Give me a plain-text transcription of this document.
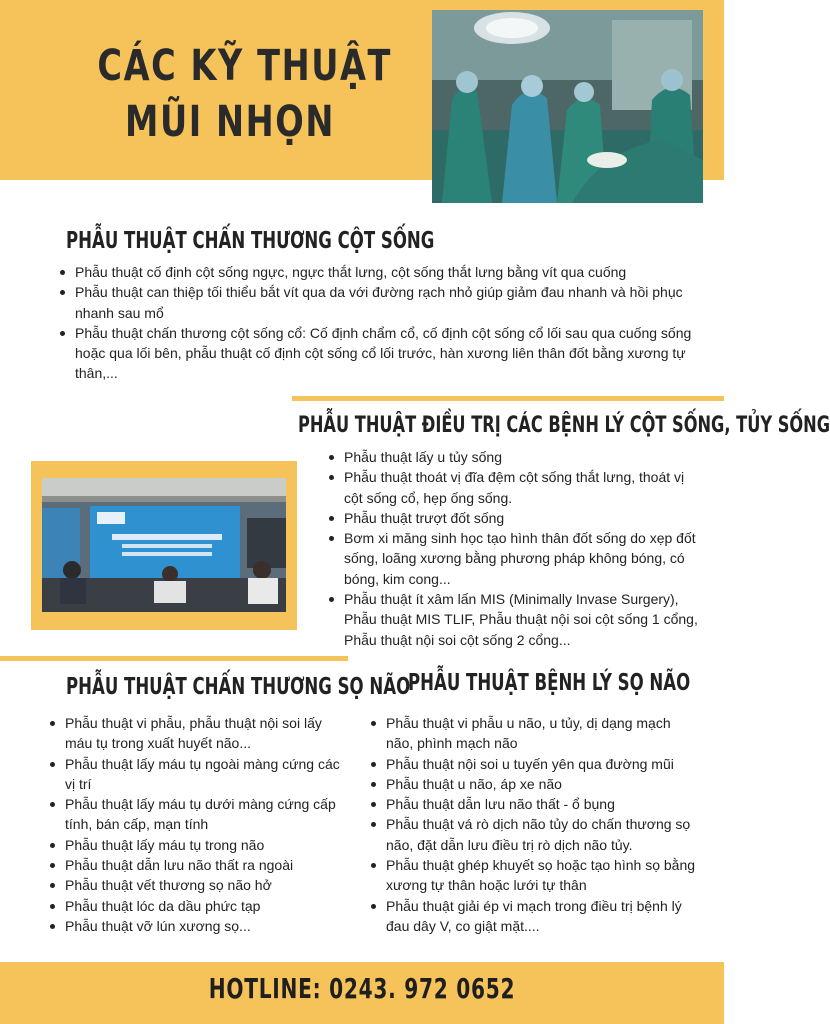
CÁC KỸ THUẬT
MŨI NHỌN
PHẪU THUẬT CHẤN THƯƠNG CỘT SỐNG
Phẫu thuật cố định cột sống ngực, ngực thắt lưng, cột sống thắt lưng bằng vít qua cuống
Phẫu thuật can thiệp tối thiểu bắt vít qua da với đường rạch nhỏ giúp giảm đau nhanh và hồi phục nhanh sau mổ
Phẫu thuật chấn thương cột sống cổ: Cố định chẩm cổ, cố định cột sống cổ lối sau qua cuống sống hoặc qua lối bên, phẫu thuật cố định cột sống cổ lối trước, hàn xương liên thân đốt bằng xương tự thân,...
PHẪU THUẬT ĐIỀU TRỊ CÁC BỆNH LÝ CỘT SỐNG, TỦY SỐNG
Phẫu thuật lấy u tủy sống
Phẫu thuật thoát vị đĩa đệm cột sống thắt lưng, thoát vị cột sống cổ, hẹp ống sống.
Phẫu thuật trượt đốt sống
Bơm xi măng sinh học tạo hình thân đốt sống do xẹp đốt sống, loãng xương bằng phương pháp không bóng, có bóng, kim cong...
Phẫu thuật ít xâm lấn MIS (Minimally Invase Surgery), Phẫu thuật MIS TLIF, Phẫu thuật nội soi cột sống 1 cổng, Phẫu thuật nội soi cột sống 2 cổng...
PHẪU THUẬT CHẤN THƯƠNG SỌ NÃO
Phẫu thuật vi phẫu, phẫu thuật nội soi lấy máu tụ trong xuất huyết não...
Phẫu thuật lấy máu tụ ngoài màng cứng các vị trí
Phẫu thuật lấy máu tụ dưới màng cứng cấp tính, bán cấp, mạn tính
Phẫu thuật lấy máu tụ trong não
Phẫu thuật dẫn lưu não thất ra ngoài
Phẫu thuật vết thương sọ não hở
Phẫu thuật lóc da dầu phức tạp
Phẫu thuật vỡ lún xương sọ...
PHẪU THUẬT BỆNH LÝ SỌ NÃO
Phẫu thuật vi phẫu u não, u tủy, dị dạng mạch não, phình mạch não
Phẫu thuật nội soi u tuyến yên qua đường mũi
Phẫu thuật u não, áp xe não
Phẫu thuật dẫn lưu não thất - ổ bụng
Phẫu thuật vá rò dịch não tủy do chấn thương sọ não, đặt dẫn lưu điều trị rò dịch não tủy.
Phẫu thuật ghép khuyết sọ hoặc tạo hình sọ bằng xương tự thân hoặc lưới tự thân
Phẫu thuật giải ép vi mạch trong điều trị bệnh lý đau dây V, co giật mặt....
HOTLINE: 0243. 972 0652
